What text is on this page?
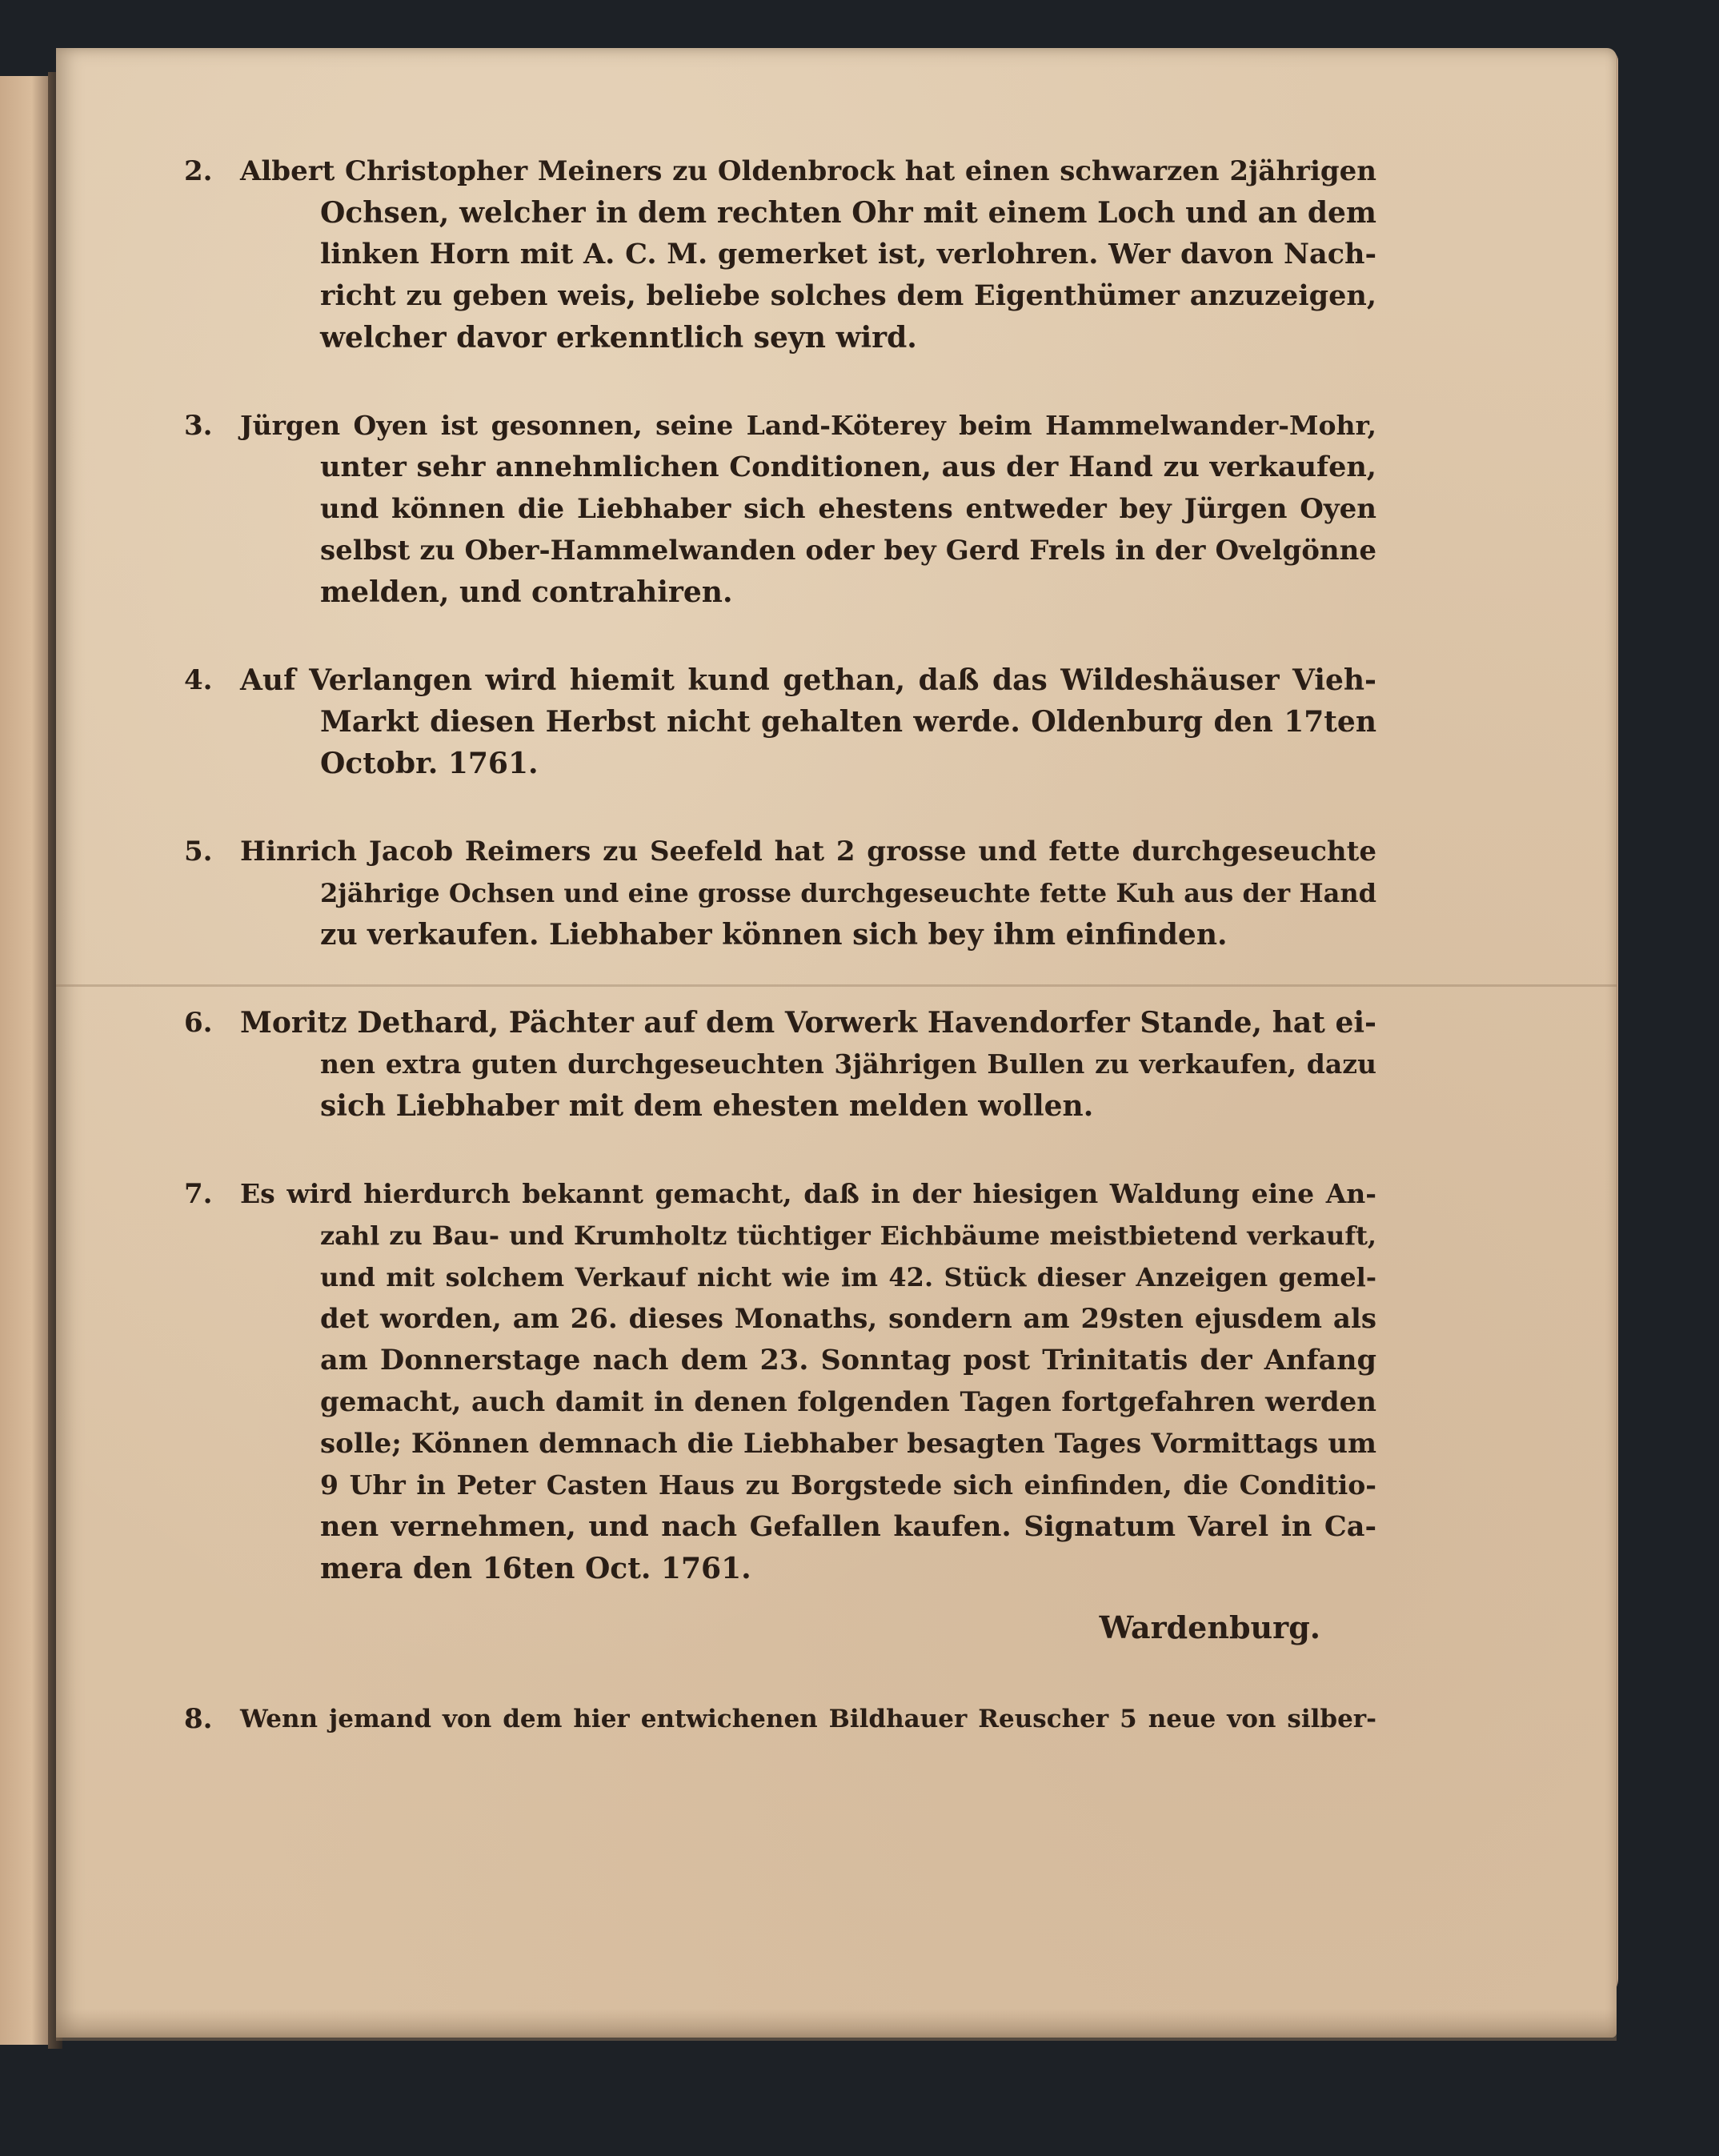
2.	Albert Christopher Meiners zu Oldenbrock hat einen schwarzen 2jährigen
Ochsen, welcher in dem rechten Ohr mit einem Loch und an dem
linken Horn mit A. C. M. gemerket ist, verlohren. Wer davon Nach-
richt zu geben weis, beliebe solches dem Eigenthümer anzuzeigen,
welcher davor erkenntlich seyn wird.
3.	Jürgen Oyen ist gesonnen, seine Land-Köterey beim Hammelwander-Mohr,
unter sehr annehmlichen Conditionen, aus der Hand zu verkaufen,
und können die Liebhaber sich ehestens entweder bey Jürgen Oyen
selbst zu Ober-Hammelwanden oder bey Gerd Frels in der Ovelgönne
melden, und contrahiren.
4. Auf Verlangen wird hiemit kund gethan, daß das Wildeshäuser Vieh-
Markt diesen Herbst nicht gehalten werde. Oldenburg den 17ten
Octobr. 1761.
5.	Hinrich Jacob Reimers zu Seefeld hat 2 grosse und fette durchgeseuchte
2jährige Ochsen und eine grosse durchgeseuchte fette Kuh aus der Hand
zu verkaufen. Liebhaber können sich bey ihm einfinden.
6. Moritz Dethard, Pächter auf dem Vorwerk Havendorfer Stande, hat ei-
nen extra guten durchgeseuchten 3jährigen Bullen zu verkaufen, dazu
sich Liebhaber mit dem ehesten melden wollen.
7.	Es wird hierdurch bekannt gemacht, daß in der hiesigen Waldung eine An-
zahl zu Bau- und Krumholtz tüchtiger Eichbäume meistbietend verkauft,
und mit solchem Verkauf nicht wie im 42. Stück dieser Anzeigen gemel-
det worden, am 26. dieses Monaths, sondern am 29sten ejusdem als
am Donnerstage nach dem 23. Sonntag post Trinitatis der Anfang
gemacht, auch damit in denen folgenden Tagen fortgefahren werden
solle; Können demnach die Liebhaber besagten Tages Vormittags um
9 Uhr in Peter Casten Haus zu Borgstede sich einfinden, die Conditio-
nen vernehmen, und nach Gefallen kaufen. Signatum Varel in Ca-
mera den 16ten Oct. 1761.
Wardenburg.
8.	Wenn jemand von dem hier entwichenen Bildhauer Reuscher 5 neue von silber-
